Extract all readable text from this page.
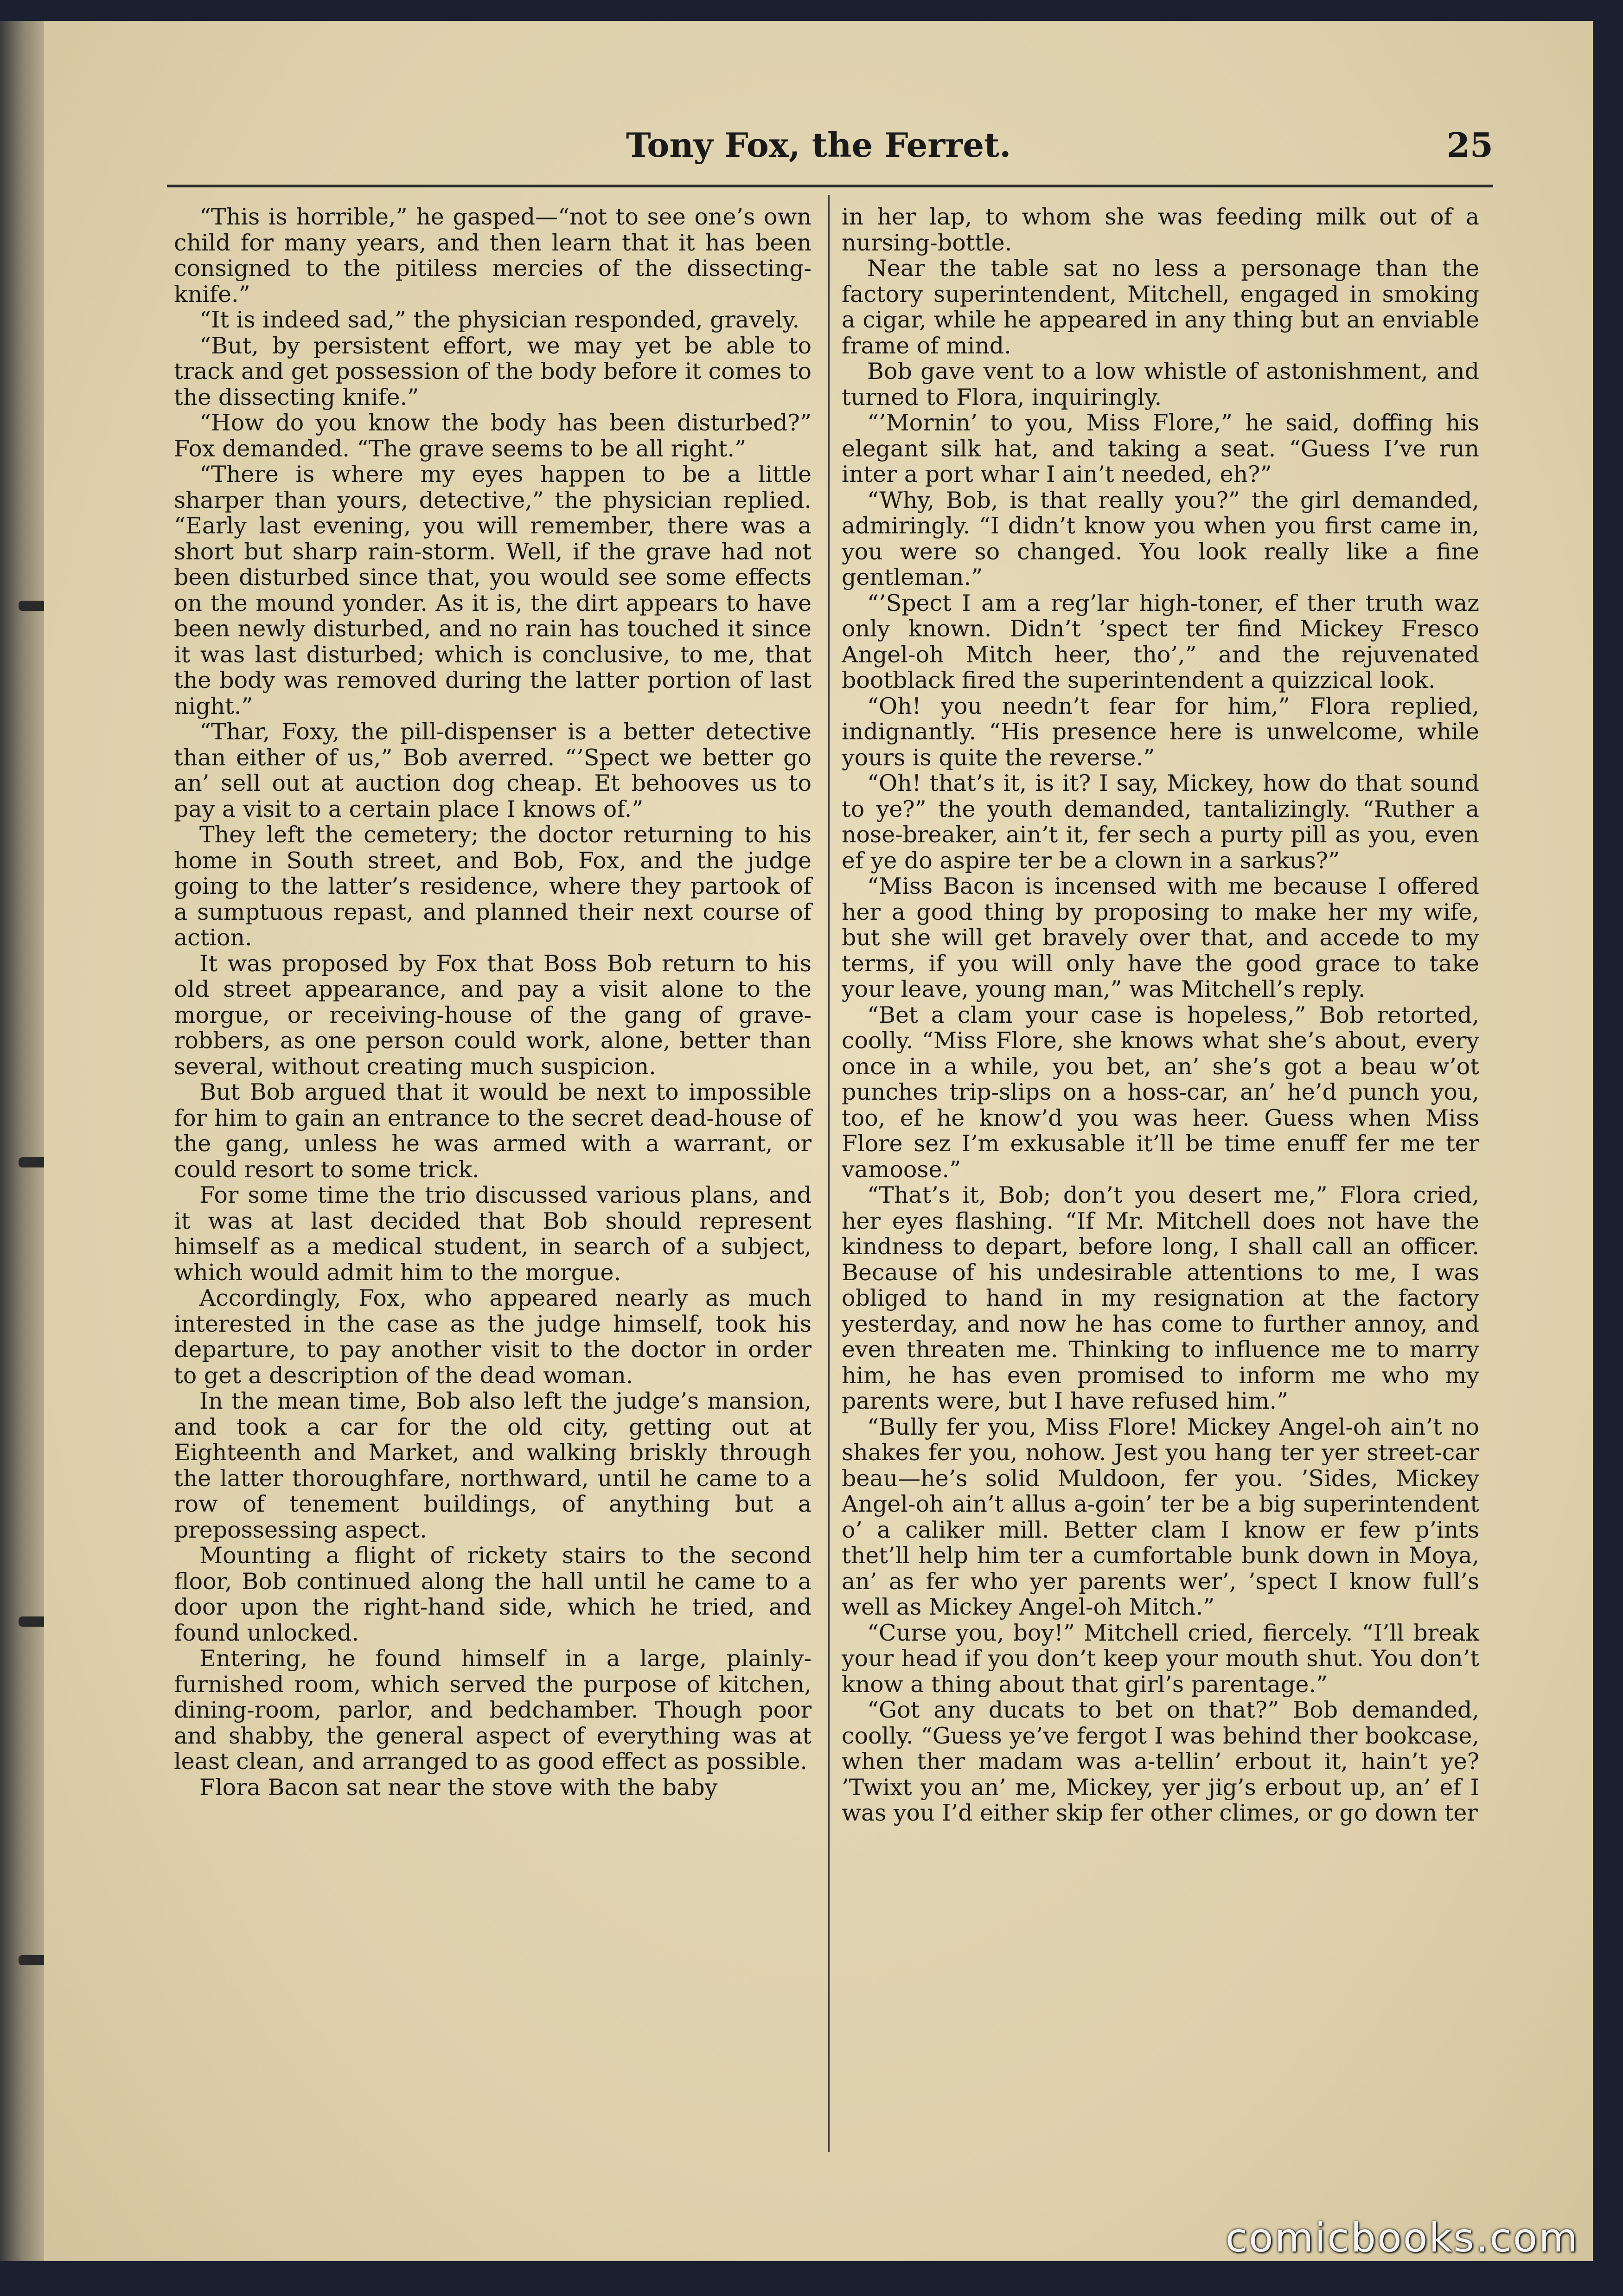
Tony Fox, the Ferret.	25

“This is horrible,” he gasped—“not to see one’s own child for many years, and then learn that it has been consigned to the pitiless mercies of the dissecting-knife.”

“It is indeed sad,” the physician responded, gravely.

“But, by persistent effort, we may yet be able to track and get possession of the body before it comes to the dissecting knife.”

“How do you know the body has been disturbed?” Fox demanded. “The grave seems to be all right.”

“There is where my eyes happen to be a little sharper than yours, detective,” the physician replied. “Early last evening, you will remember, there was a short but sharp rain-storm. Well, if the grave had not been disturbed since that, you would see some effects on the mound yonder. As it is, the dirt appears to have been newly disturbed, and no rain has touched it since it was last disturbed; which is conclusive, to me, that the body was removed during the latter portion of last night.”

“Thar, Foxy, the pill-dispenser is a better detective than either of us,” Bob averred. “’Spect we better go an’ sell out at auction dog cheap. Et behooves us to pay a visit to a certain place I knows of.”

They left the cemetery; the doctor returning to his home in South street, and Bob, Fox, and the judge going to the latter’s residence, where they partook of a sumptuous repast, and planned their next course of action.

It was proposed by Fox that Boss Bob return to his old street appearance, and pay a visit alone to the morgue, or receiving-house of the gang of grave-robbers, as one person could work, alone, better than several, without creating much suspicion.

But Bob argued that it would be next to impossible for him to gain an entrance to the secret dead-house of the gang, unless he was armed with a warrant, or could resort to some trick.

For some time the trio discussed various plans, and it was at last decided that Bob should represent himself as a medical student, in search of a subject, which would admit him to the morgue.

Accordingly, Fox, who appeared nearly as much interested in the case as the judge himself, took his departure, to pay another visit to the doctor in order to get a description of the dead woman.

In the mean time, Bob also left the judge’s mansion, and took a car for the old city, getting out at Eighteenth and Market, and walking briskly through the latter thoroughfare, northward, until he came to a row of tenement buildings, of anything but a prepossessing aspect.

Mounting a flight of rickety stairs to the second floor, Bob continued along the hall until he came to a door upon the right-hand side, which he tried, and found unlocked.

Entering, he found himself in a large, plainly-furnished room, which served the purpose of kitchen, dining-room, parlor, and bedchamber. Though poor and shabby, the general aspect of everything was at least clean, and arranged to as good effect as possible.

Flora Bacon sat near the stove with the baby

in her lap, to whom she was feeding milk out of a nursing-bottle.

Near the table sat no less a personage than the factory superintendent, Mitchell, engaged in smoking a cigar, while he appeared in any thing but an enviable frame of mind.

Bob gave vent to a low whistle of astonishment, and turned to Flora, inquiringly.

“’Mornin’ to you, Miss Flore,” he said, doffing his elegant silk hat, and taking a seat. “Guess I’ve run inter a port whar I ain’t needed, eh?”

“Why, Bob, is that really you?” the girl demanded, admiringly. “I didn’t know you when you first came in, you were so changed. You look really like a fine gentleman.”

“’Spect I am a reg’lar high-toner, ef ther truth waz only known. Didn’t ’spect ter find Mickey Fresco Angel-oh Mitch heer, tho’,” and the rejuvenated bootblack fired the superintendent a quizzical look.

“Oh! you needn’t fear for him,” Flora replied, indignantly. “His presence here is unwelcome, while yours is quite the reverse.”

“Oh! that’s it, is it? I say, Mickey, how do that sound to ye?” the youth demanded, tantalizingly. “Ruther a nose-breaker, ain’t it, fer sech a purty pill as you, even ef ye do aspire ter be a clown in a sarkus?”

“Miss Bacon is incensed with me because I offered her a good thing by proposing to make her my wife, but she will get bravely over that, and accede to my terms, if you will only have the good grace to take your leave, young man,” was Mitchell’s reply.

“Bet a clam your case is hopeless,” Bob retorted, coolly. “Miss Flore, she knows what she’s about, every once in a while, you bet, an’ she’s got a beau w’ot punches trip-slips on a hoss-car, an’ he’d punch you, too, ef he know’d you was heer. Guess when Miss Flore sez I’m exkusable it’ll be time enuff fer me ter vamoose.”

“That’s it, Bob; don’t you desert me,” Flora cried, her eyes flashing. “If Mr. Mitchell does not have the kindness to depart, before long, I shall call an officer. Because of his undesirable attentions to me, I was obliged to hand in my resignation at the factory yesterday, and now he has come to further annoy, and even threaten me. Thinking to influence me to marry him, he has even promised to inform me who my parents were, but I have refused him.”

“Bully fer you, Miss Flore! Mickey Angel-oh ain’t no shakes fer you, nohow. Jest you hang ter yer street-car beau—he’s solid Muldoon, fer you. ’Sides, Mickey Angel-oh ain’t allus a-goin’ ter be a big superintendent o’ a caliker mill. Better clam I know er few p’ints thet’ll help him ter a cumfortable bunk down in Moya, an’ as fer who yer parents wer’, ’spect I know full’s well as Mickey Angel-oh Mitch.”

“Curse you, boy!” Mitchell cried, fiercely. “I’ll break your head if you don’t keep your mouth shut. You don’t know a thing about that girl’s parentage.”

“Got any ducats to bet on that?” Bob demanded, coolly. “Guess ye’ve fergot I was behind ther bookcase, when ther madam was a-tellin’ erbout it, hain’t ye? ’Twixt you an’ me, Mickey, yer jig’s erbout up, an’ ef I was you I’d either skip fer other climes, or go down ter

comicbooks.com
